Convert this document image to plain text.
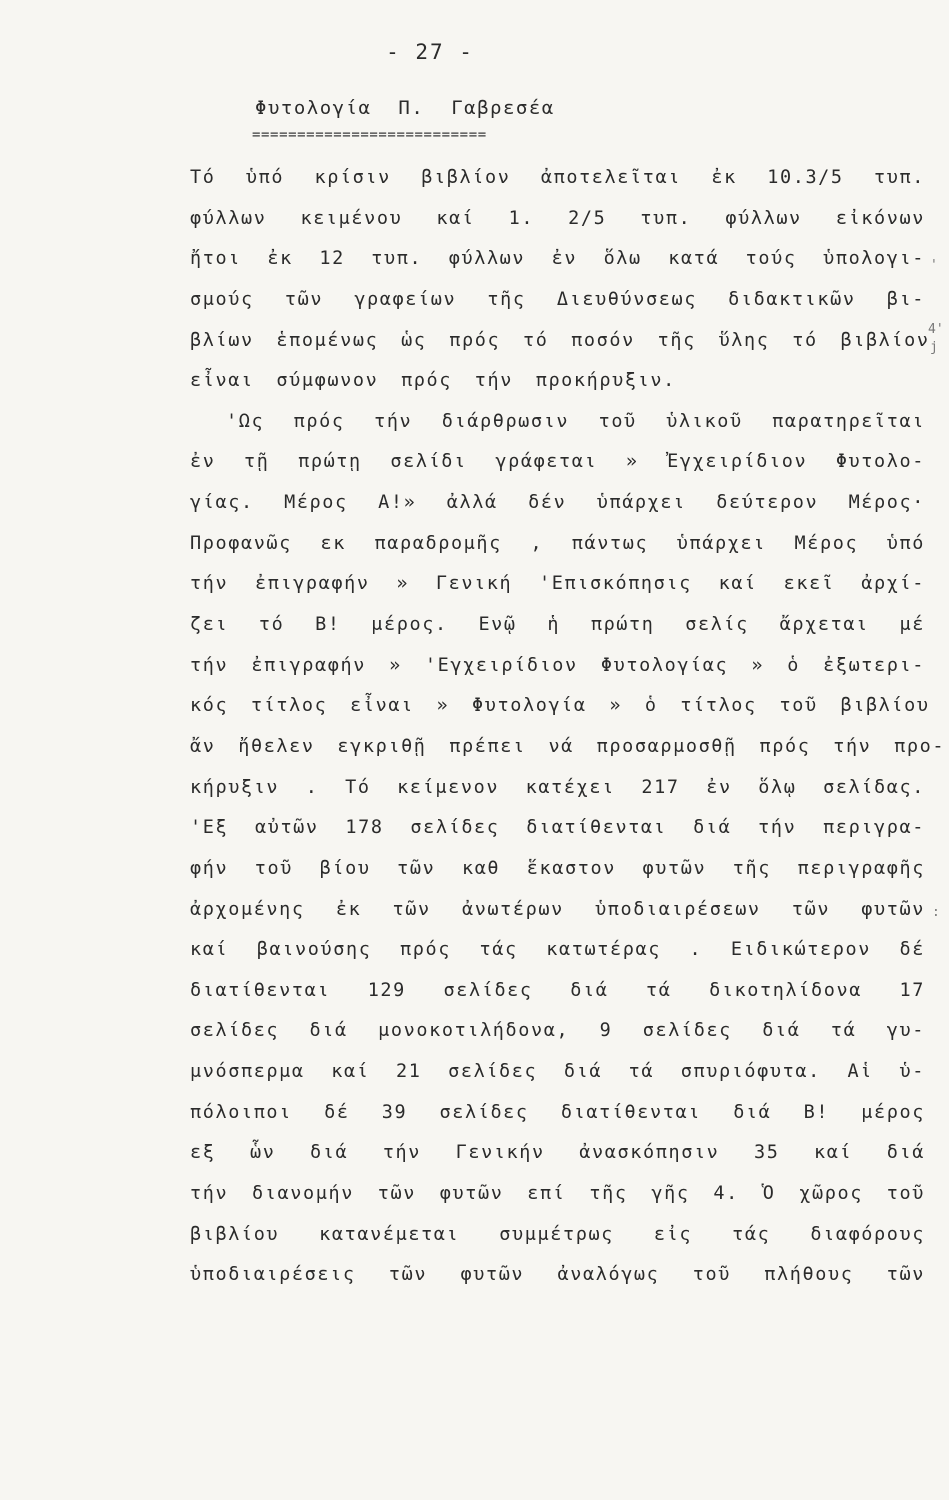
- 27 -
Φυτολογία Π. Γαβρεσέα
==========================
Τό ὑπό κρίσιν βιβλίον ἀποτελεῖται ἐκ 10.3/5 τυπ.
φύλλων κειμένου καί 1. 2/5 τυπ. φύλλων εἰκόνων
ἤτοι ἐκ 12 τυπ. φύλλων ἐν ὅλω κατά τούς ὑπολογι-
σμούς τῶν γραφείων τῆς Διευθύνσεως διδακτικῶν βι-
βλίων ἑπομένως ὡς πρός τό ποσόν τῆς ὕλης τό βιβλίον
εἶναι σύμφωνον πρός τήν προκήρυξιν.
'Ως πρός τήν διάρθρωσιν τοῦ ὑλικοῦ παρατηρεῖται
ἐν τῇ πρώτῃ σελίδι γράφεται » Ἐγχειρίδιον Φυτολο-
γίας. Μέρος Α!» ἀλλά δέν ὑπάρχει δεύτερον Μέρος·
Προφανῶς εκ παραδρομῆς , πάντως ὑπάρχει Μέρος ὑπό
τήν ἐπιγραφήν » Γενική 'Επισκόπησις καί εκεῖ ἀρχί-
ζει τό Β! μέρος. Ενῷ ἡ πρώτη σελίς ἄρχεται μέ
τήν ἐπιγραφήν » 'Εγχειρίδιον Φυτολογίας » ὁ ἐξωτερι-
κός τίτλος εἶναι » Φυτολογία » ὁ τίτλος τοῦ βιβλίου
ἄν ἤθελεν εγκριθῇ πρέπει νά προσαρμοσθῇ πρός τήν προ-
κήρυξιν . Τό κείμενον κατέχει 217 ἐν ὅλῳ σελίδας.
'Εξ αὐτῶν 178 σελίδες διατίθενται διά τήν περιγρα-
φήν τοῦ βίου τῶν καθ ἕκαστον φυτῶν τῆς περιγραφῆς
ἀρχομένης ἐκ τῶν ἀνωτέρων ὑποδιαιρέσεων τῶν φυτῶν
καί βαινούσης πρός τάς κατωτέρας . Ειδικώτερον δέ
διατίθενται 129 σελίδες διά τά δικοτηλίδονα 17
σελίδες διά μονοκοτιλήδονα, 9 σελίδες διά τά γυ-
μνόσπερμα καί 21 σελίδες διά τά σπυριόφυτα. Αἱ ὑ-
πόλοιποι δέ 39 σελίδες διατίθενται διά Β! μέρος
εξ ὧν διά τήν Γενικήν ἀνασκόπησιν 35 καί διά
τήν διανομήν τῶν φυτῶν επί τῆς γῆς 4. Ὁ χῶρος τοῦ
βιβλίου κατανέμεται συμμέτρως εἰς τάς διαφόρους
ὑποδιαιρέσεις τῶν φυτῶν ἀναλόγως τοῦ πλήθους τῶν
'
4'
j
:
